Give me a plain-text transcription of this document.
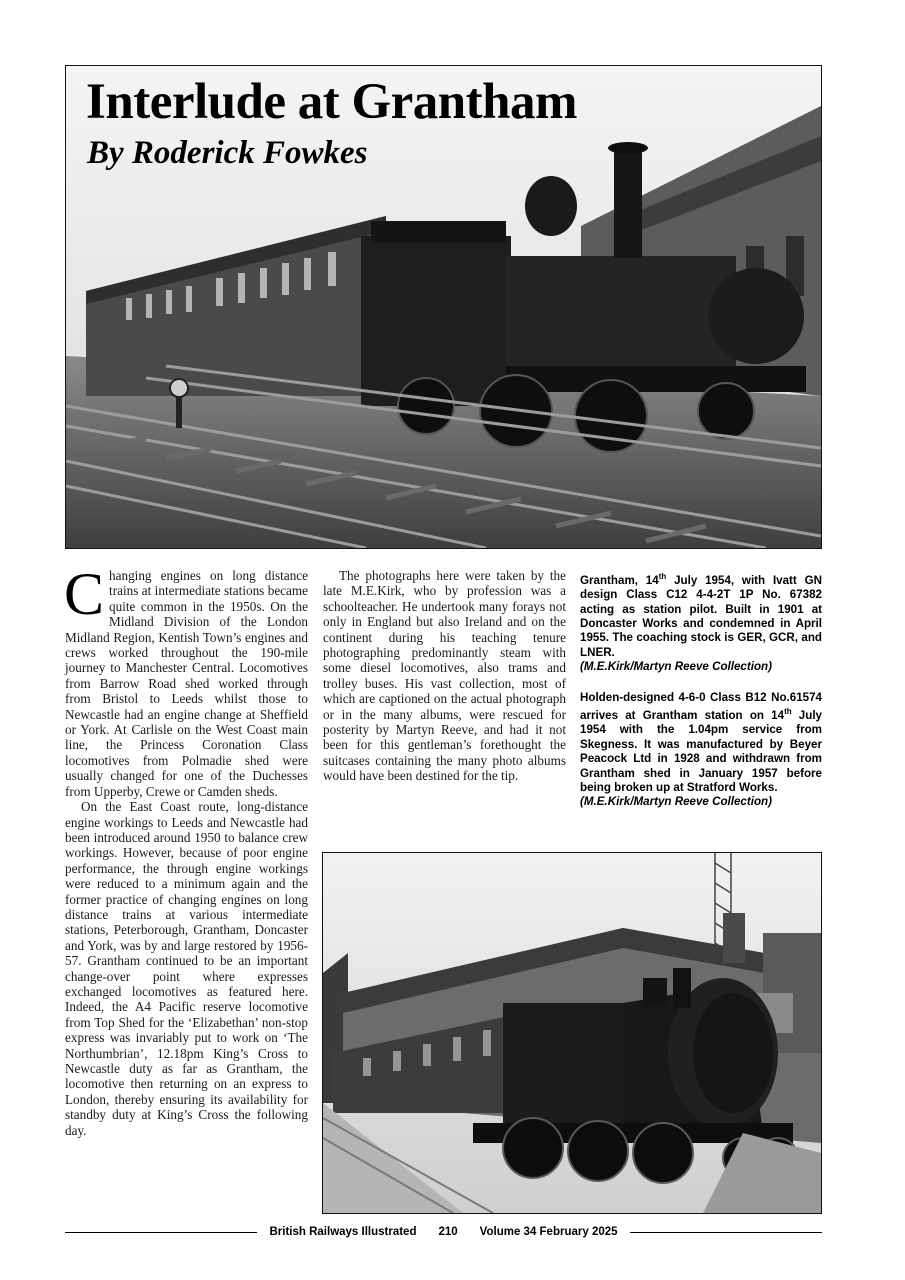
Interlude at Grantham
By Roderick Fowkes

Changing engines on long distance trains at intermediate stations became quite common in the 1950s. On the Midland Division of the London Midland Region, Kentish Town’s engines and crews worked throughout the 190-mile journey to Manchester Central. Locomotives from Barrow Road shed worked through from Bristol to Leeds whilst those to Newcastle had an engine change at Sheffield or York. At Carlisle on the West Coast main line, the Princess Coronation Class locomotives from Polmadie shed were usually changed for one of the Duchesses from Upperby, Crewe or Camden sheds.

On the East Coast route, long-distance engine workings to Leeds and Newcastle had been introduced around 1950 to balance crew workings. However, because of poor engine performance, the through engine workings were reduced to a minimum again and the former practice of changing engines on long distance trains at various intermediate stations, Peterborough, Grantham, Doncaster and York, was by and large restored by 1956-57. Grantham continued to be an important change-over point where expresses exchanged locomotives as featured here. Indeed, the A4 Pacific reserve locomotive from Top Shed for the ‘Elizabethan’ non-stop express was invariably put to work on ‘The Northumbrian’, 12.18pm King’s Cross to Newcastle duty as far as Grantham, the locomotive then returning on an express to London, thereby ensuring its availability for standby duty at King’s Cross the following day.

The photographs here were taken by the late M.E.Kirk, who by profession was a schoolteacher. He undertook many forays not only in England but also Ireland and on the continent during his teaching tenure photographing predominantly steam with some diesel locomotives, also trams and trolley buses. His vast collection, most of which are captioned on the actual photograph or in the many albums, were rescued for posterity by Martyn Reeve, and had it not been for this gentleman’s forethought the suitcases containing the many photo albums would have been destined for the tip.

Grantham, 14th July 1954, with Ivatt GN design Class C12 4-4-2T 1P No. 67382 acting as station pilot. Built in 1901 at Doncaster Works and condemned in April 1955. The coaching stock is GER, GCR, and LNER.

(M.E.Kirk/Martyn Reeve Collection)

Holden-designed 4-6-0 Class B12 No.61574 arrives at Grantham station on 14th July 1954 with the 1.04pm service from Skegness. It was manufactured by Beyer Peacock Ltd in 1928 and withdrawn from Grantham shed in January 1957 before being broken up at Stratford Works.

(M.E.Kirk/Martyn Reeve Collection)

British Railways Illustrated 210 Volume 34 February 2025
